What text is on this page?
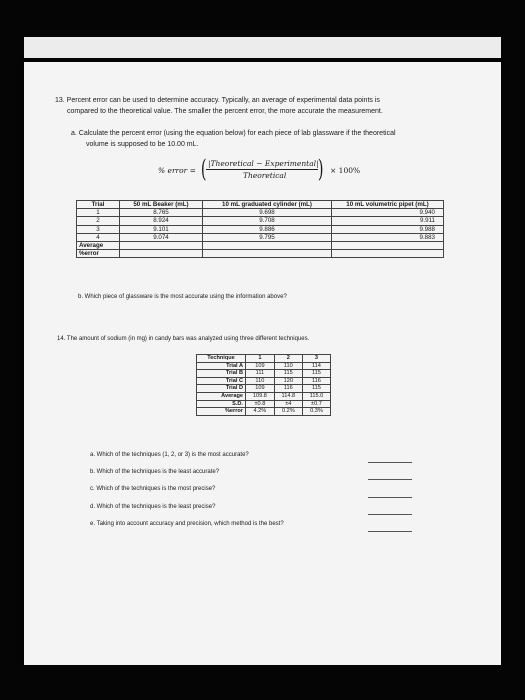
13. Percent error can be used to determine accuracy. Typically, an average of experimental data points is
compared to the theoretical value. The smaller the percent error, the more accurate the measurement.
a. Calculate the percent error (using the equation below) for each piece of lab glassware if the theoretical
volume is supposed to be 10.00 mL.
% error = ( |Theoretical − Experimental|
Theoretical ) × 100%
Trial	50 mL Beaker (mL)	10 mL graduated cylinder (mL)	10 mL volumetric pipet (mL)
1	8.765	9.698	9.940
2	8.924	9.708	9.911
3	9.101	9.886	9.988
4	9.074	9.795	9.883
Average			
%error			
b. Which piece of glassware is the most accurate using the information above?
14. The amount of sodium (in mg) in candy bars was analyzed using three different techniques.
Technique	1	2	3
Trial A	109	110	114
Trial B	111	115	115
Trial C	110	120	116
Trial D	109	116	115
Average	109.8	114.8	115.0
S.D.	±0.8	±4	±0.7
%error	4.2%	0.2%	0.3%
a. Which of the techniques (1, 2, or 3) is the most accurate?
b. Which of the techniques is the least accurate?
c. Which of the techniques is the most precise?
d. Which of the techniques is the least precise?
e. Taking into account accuracy and precision, which method is the best?
